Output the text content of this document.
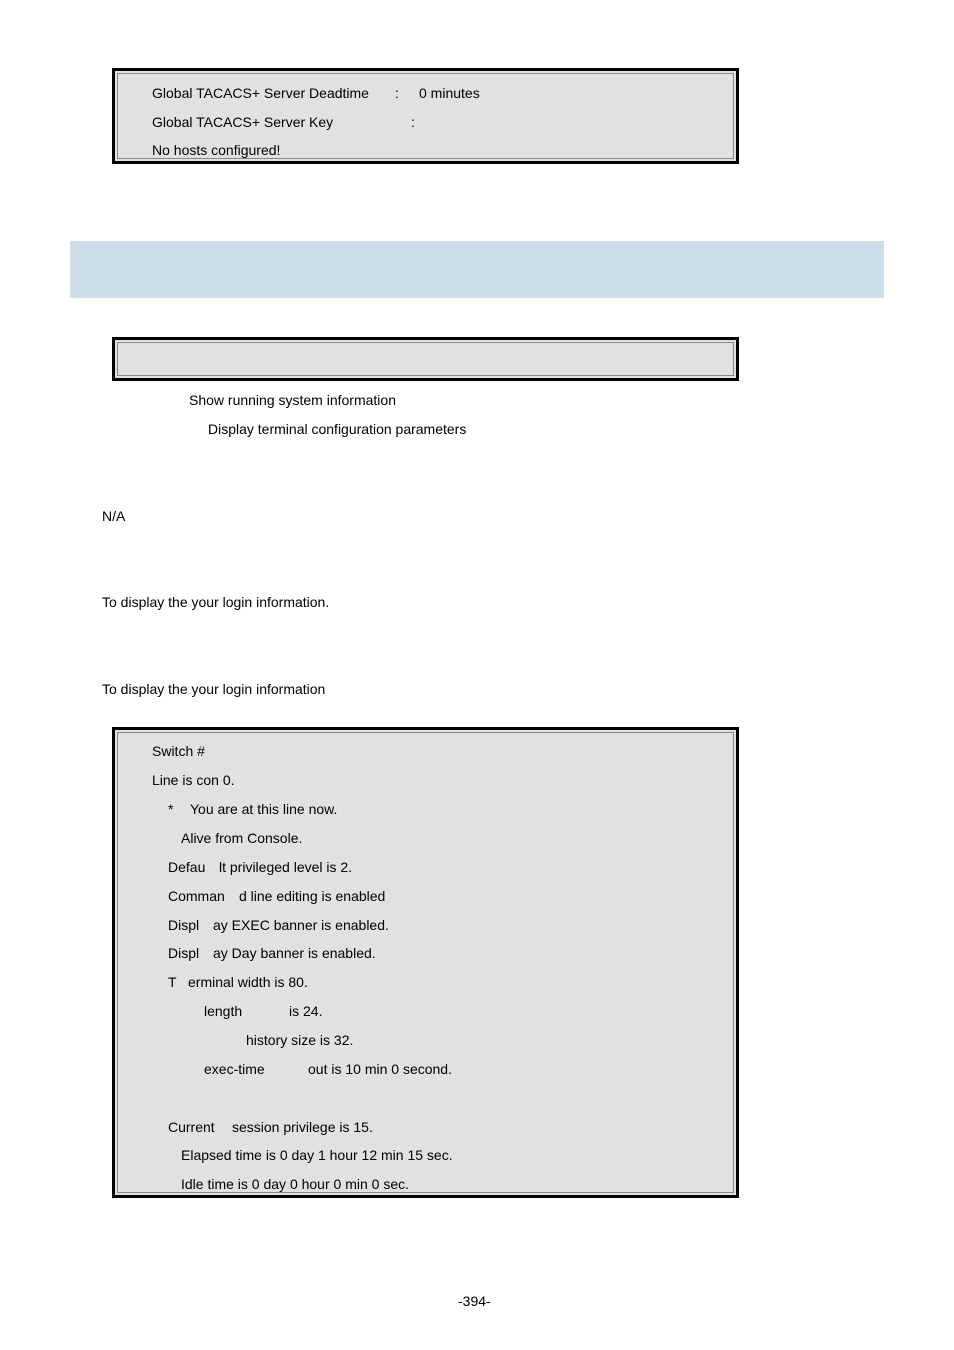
Global TACACS+ Server Deadtime : 0 minutes
Global TACACS+ Server Key	:
No hosts configured!
Show running system information
Display terminal configuration parameters
N/A
To display the your login information.
To display the your login information
Switch #
Line is con 0.
* You are at this line now.
Alive from Console.
Defau lt privileged level is 2.
Comman d line editing is enabled
Displ ay EXEC banner is enabled.
Displ ay Day banner is enabled.
T erminal width is 80.
length	is 24.
history size is 32.
exec-time	out is 10 min 0 second.
Current session privilege is 15.
Elapsed time is 0 day 1 hour 12 min 15 sec.
Idle time is 0 day 0 hour 0 min 0 sec.
-394-
